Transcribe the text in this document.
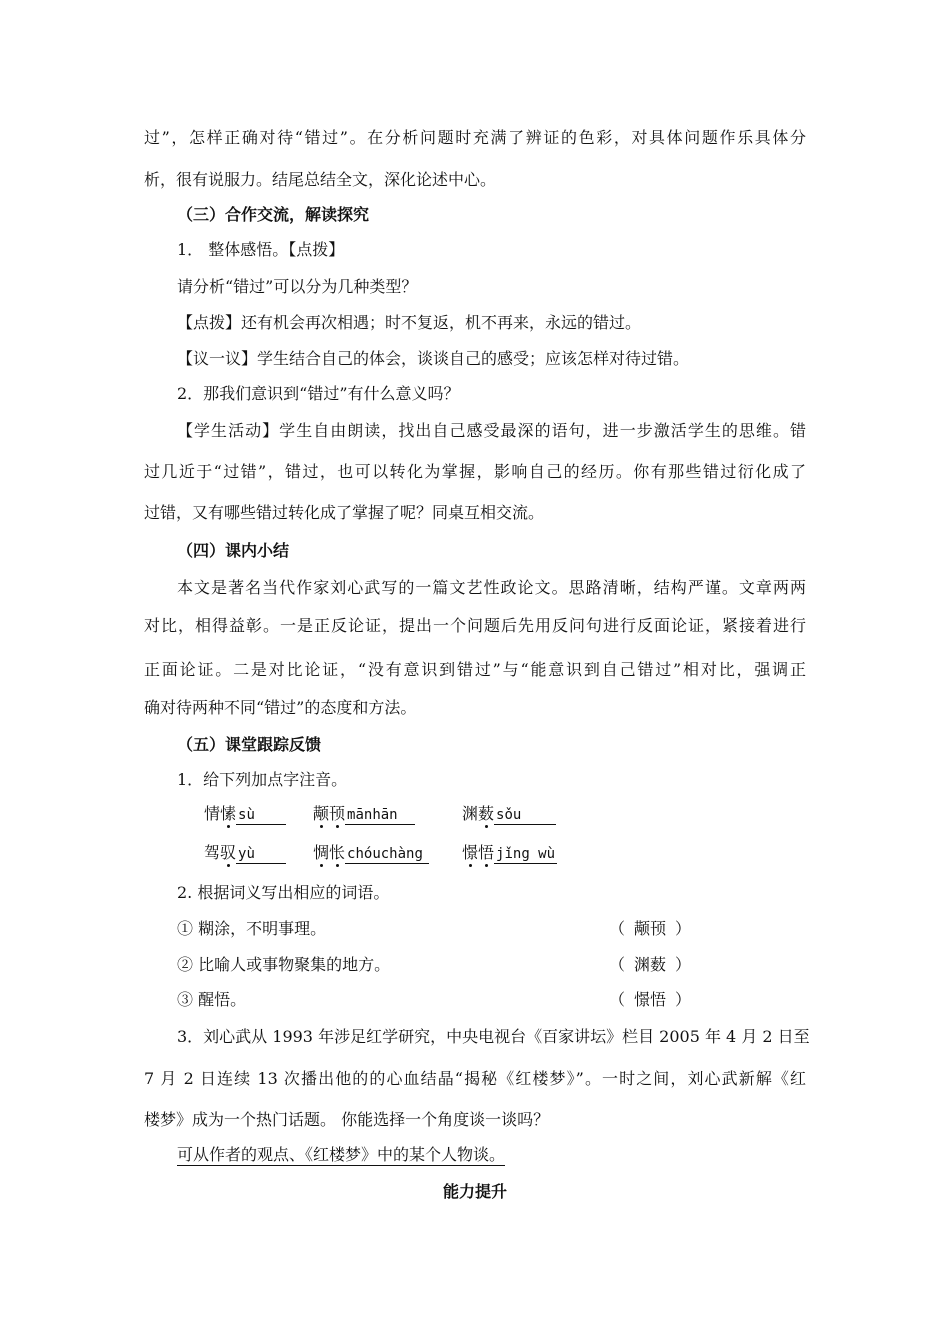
过”，怎样正确对待“错过”。在分析问题时充满了辨证的色彩，对具体问题作乐具体分
析，很有说服力。结尾总结全文，深化论述中心。
（三）合作交流，解读探究
1． 整体感悟。【点拨】
请分析“错过”可以分为几种类型？
【点拨】还有机会再次相遇；时不复返，机不再来，永远的错过。
【议一议】学生结合自己的体会，谈谈自己的感受；应该怎样对待过错。
2．那我们意识到“错过”有什么意义吗？
【学生活动】学生自由朗读，找出自己感受最深的语句，进一步激活学生的思维。错
过几近于“过错”，错过，也可以转化为掌握，影响自己的经历。你有那些错过衍化成了
过错，又有哪些错过转化成了掌握了呢？同桌互相交流。
（四）课内小结
本文是著名当代作家刘心武写的一篇文艺性政论文。思路清晰，结构严谨。文章两两
对比，相得益彰。一是正反论证，提出一个问题后先用反问句进行反面论证，紧接着进行
正面论证。二是对比论证，“没有意识到错过”与“能意识到自己错过”相对比，强调正
确对待两种不同“错过”的态度和方法。
（五）课堂跟踪反馈
1．给下列加点字注音。
情愫 sù	颟顸 mānhān	渊薮 sǒu
驾驭 yù	惆怅 chóuchàng	憬悟 jǐng wù
2. 根据词义写出相应的词语。
① 糊涂，不明事理。	（ 颟顸 ）
② 比喻人或事物聚集的地方。	（ 渊薮 ）
③ 醒悟。	（ 憬悟 ）
3．刘心武从 1993 年涉足红学研究，中央电视台《百家讲坛》栏目 2005 年 4 月 2 日至
7 月 2 日连续 13 次播出他的的心血结晶“揭秘《红楼梦》”。一时之间，刘心武新解《红
楼梦》成为一个热门话题。 你能选择一个角度谈一谈吗？
可从作者的观点、《红楼梦》中的某个人物谈。
能力提升
